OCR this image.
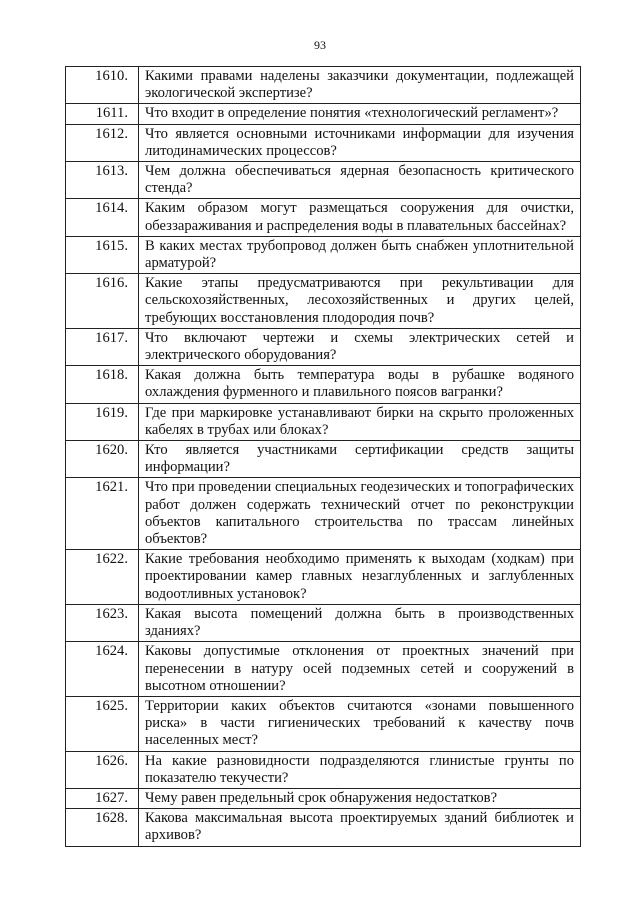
93
1610.	Какими правами наделены заказчики документации, подлежащей экологической экспертизе?
1611.	Что входит в определение понятия «технологический регламент»?
1612.	Что является основными источниками информации для изучения литодинамических процессов?
1613.	Чем должна обеспечиваться ядерная безопасность критического стенда?
1614.	Каким образом могут размещаться сооружения для очистки, обеззараживания и распределения воды в плавательных бассейнах?
1615.	В каких местах трубопровод должен быть снабжен уплотнительной арматурой?
1616.	Какие этапы предусматриваются при рекультивации для сельскохозяйственных, лесохозяйственных и других целей, требующих восстановления плодородия почв?
1617.	Что включают чертежи и схемы электрических сетей и электрического оборудования?
1618.	Какая должна быть температура воды в рубашке водяного охлаждения фурменного и плавильного поясов вагранки?
1619.	Где при маркировке устанавливают бирки на скрыто проложенных кабелях в трубах или блоках?
1620.	Кто является участниками сертификации средств защиты информации?
1621.	Что при проведении специальных геодезических и топографических работ должен содержать технический отчет по реконструкции объектов капитального строительства по трассам линейных объектов?
1622.	Какие требования необходимо применять к выходам (ходкам) при проектировании камер главных незаглубленных и заглубленных водоотливных установок?
1623.	Какая высота помещений должна быть в производственных зданиях?
1624.	Каковы допустимые отклонения от проектных значений при перенесении в натуру осей подземных сетей и сооружений в высотном отношении?
1625.	Территории каких объектов считаются «зонами повышенного риска» в части гигиенических требований к качеству почв населенных мест?
1626.	На какие разновидности подразделяются глинистые грунты по показателю текучести?
1627.	Чему равен предельный срок обнаружения недостатков?
1628.	Какова максимальная высота проектируемых зданий библиотек и архивов?
